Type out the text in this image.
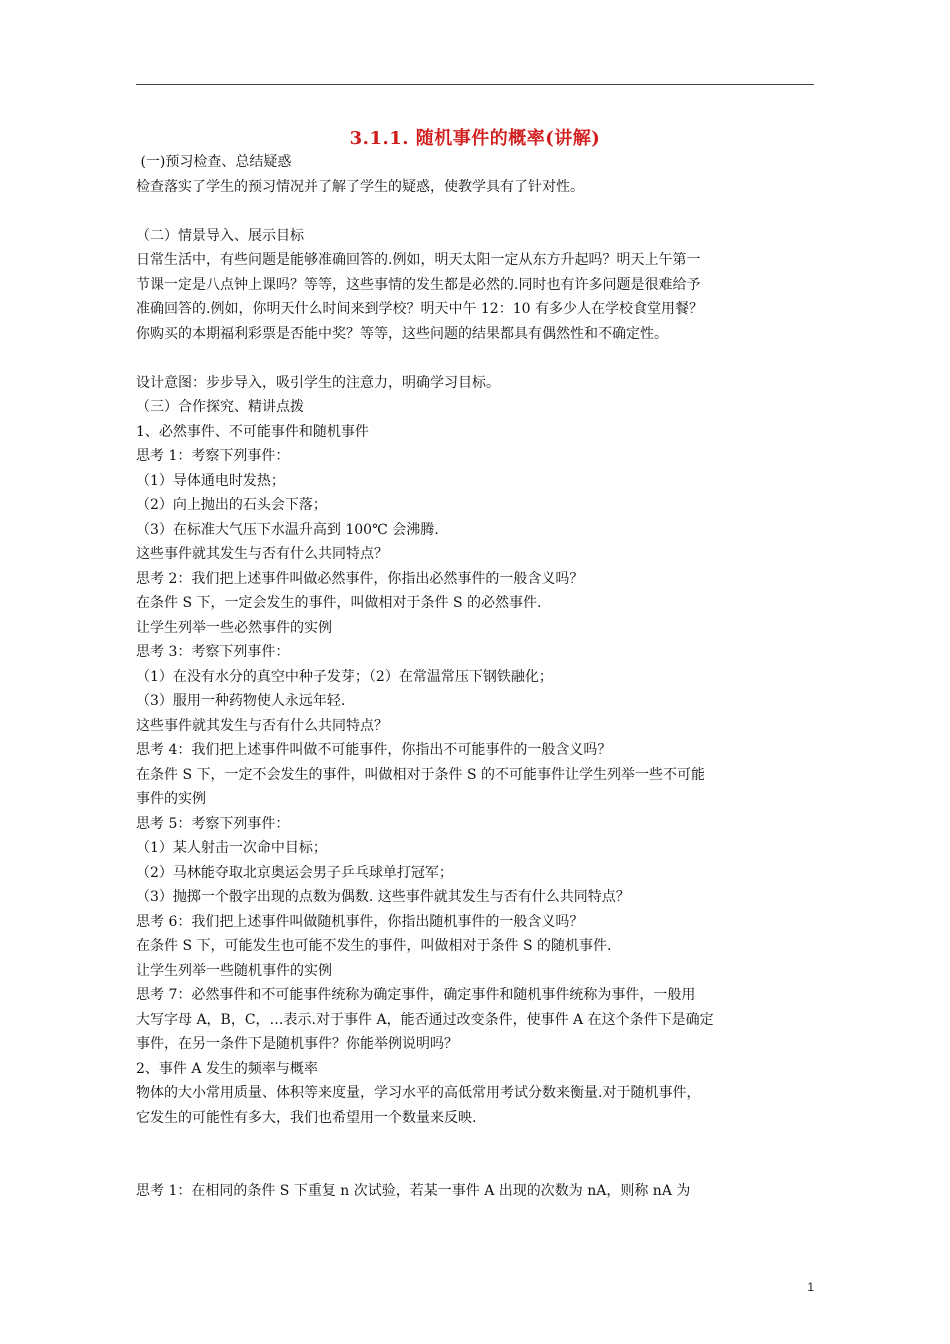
3.1.1. 随机事件的概率(讲解)

(一)预习检查、总结疑惑

检查落实了学生的预习情况并了解了学生的疑惑，使教学具有了针对性。

（二）情景导入、展示目标

日常生活中，有些问题是能够准确回答的.例如，明天太阳一定从东方升起吗？明天上午第一

节课一定是八点钟上课吗？等等，这些事情的发生都是必然的.同时也有许多问题是很难给予

准确回答的.例如，你明天什么时间来到学校？明天中午 12：10 有多少人在学校食堂用餐？

你购买的本期福利彩票是否能中奖？等等，这些问题的结果都具有偶然性和不确定性。

设计意图：步步导入，吸引学生的注意力，明确学习目标。

（三）合作探究、精讲点拨

1、必然事件、不可能事件和随机事件

思考 1：考察下列事件：

（1）导体通电时发热；

（2）向上抛出的石头会下落；

（3）在标准大气压下水温升高到 100℃ 会沸腾.

这些事件就其发生与否有什么共同特点？

思考 2：我们把上述事件叫做必然事件，你指出必然事件的一般含义吗？

在条件 S 下，一定会发生的事件，叫做相对于条件 S 的必然事件.

让学生列举一些必然事件的实例

思考 3：考察下列事件：

（1）在没有水分的真空中种子发芽；（2）在常温常压下钢铁融化；

（3）服用一种药物使人永远年轻.

这些事件就其发生与否有什么共同特点？

思考 4：我们把上述事件叫做不可能事件，你指出不可能事件的一般含义吗？

在条件 S 下，一定不会发生的事件，叫做相对于条件 S 的不可能事件让学生列举一些不可能

事件的实例

思考 5：考察下列事件：

（1）某人射击一次命中目标；

（2）马林能夺取北京奥运会男子乒乓球单打冠军；

（3）抛掷一个骰字出现的点数为偶数. 这些事件就其发生与否有什么共同特点？

思考 6：我们把上述事件叫做随机事件，你指出随机事件的一般含义吗？

在条件 S 下，可能发生也可能不发生的事件，叫做相对于条件 S 的随机事件.

让学生列举一些随机事件的实例

思考 7：必然事件和不可能事件统称为确定事件，确定事件和随机事件统称为事件，一般用

大写字母 A，B，C，…表示.对于事件 A，能否通过改变条件，使事件 A 在这个条件下是确定

事件，在另一条件下是随机事件？你能举例说明吗？

2、事件 A 发生的频率与概率

物体的大小常用质量、体积等来度量，学习水平的高低常用考试分数来衡量.对于随机事件，

它发生的可能性有多大，我们也希望用一个数量来反映.

思考 1：在相同的条件 S 下重复 n 次试验，若某一事件 A 出现的次数为 nA，则称 nA 为

1
